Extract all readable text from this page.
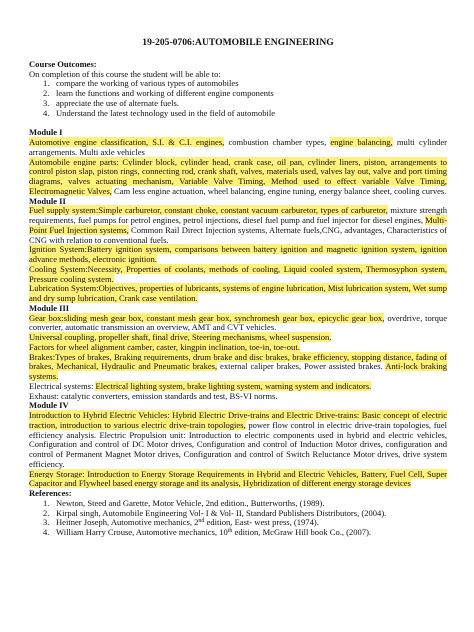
19-205-0706:AUTOMOBILE ENGINEERING
Course Outcomes:
On completion of this course the student will be able to:
1. compare the working of various types of automobiles
2. learn the functions and working of different engine components
3. appreciate the use of alternate fuels.
4. Understand the latest technology used in the field of automobile
Module I
Automotive engine classification, S.I. & C.I. engines, combustion chamber types, engine balancing, multi cylinder arrangements. Multi axle vehicles
Automobile engine parts: Cylinder block, cylinder head, crank case, oil pan, cylinder liners, piston, arrangements to control piston slap, piston rings, connecting rod, crank shaft, valves, materials used, valves lay out, valve and port timing diagrams, valves actuating mechanism, Variable Valve Timing, Method used to effect variable Valve Timing, Electromagnetic Valves, Cam less engine actuation, wheel balancing, engine tuning, energy balance sheet, cooling curves.
Module II
Fuel supply system:Simple carburetor, constant choke, constant vacuum carburetor, types of carburetor, mixture strength requirements, fuel pumps for petrol engines, petrol injections, diesel fuel pump and fuel injector for diesel engines, Multi-Point Fuel Injection systems, Common Rail Direct Injection systems, Alternate fuels,CNG, advantages, Characteristics of CNG with relation to conventional fuels.
Ignition System:Battery ignition system, comparisons between battery ignition and magnetic ignition system, ignition advance methods, electronic ignition.
Cooling System:Necessity, Properties of coolants, methods of cooling, Liquid cooled system, Thermosyphon system, Pressure cooling system.
Lubrication System:Objectives, properties of lubricants, systems of engine lubrication, Mist lubrication system, Wet sump and dry sump lubrication, Crank case ventilation.
Module III
Gear box:sliding mesh gear box, constant mesh gear box, synchromesh gear box, epicyclic gear box, overdrive, torque converter, automatic transmission an overview, AMT and CVT vehicles.
Universal coupling, propeller shaft, final drive, Steering mechanisms, wheel suspension.
Factors for wheel alignment camber, caster, kingpin inclination, toe-in, toe-out.
Brakes:Types of brakes, Braking requirements, drum brake and disc brakes, brake efficiency, stopping distance, fading of brakes, Mechanical, Hydraulic and Pneumatic brakes, external caliper brakes, Power assisted brakes. Anti-lock braking systems.
Electrical systems: Electrical lighting system, brake lighting system, warning system and indicators.
Exhaust: catalytic converters, emission standards and test, BS-VI norms.
Module IV
Introduction to Hybrid Electric Vehicles: Hybrid Electric Drive-trains and Electric Drive-trains: Basic concept of electric traction, introduction to various electric drive-train topologies, power flow control in electric drive-train topologies, fuel efficiency analysis. Electric Propulsion unit: Introduction to electric components used in hybrid and electric vehicles, Configuration and control of DC Motor drives, Configuration and control of Induction Motor drives, configuration and control of Permanent Magnet Motor drives, Configuration and control of Switch Reluctance Motor drives, drive system efficiency.
Energy Storage: Introduction to Energy Storage Requirements in Hybrid and Electric Vehicles, Battery, Fuel Cell, Super Capacitor and Flywheel based energy storage and its analysis, Hybridization of different energy storage devices
References:
1. Newton, Steed and Garette, Motor Vehicle, 2nd edition., Butterworths, (1989).
2. Kirpal singh, Automobile Engineering Vol- I & Vol- II, Standard Publishers Distributors, (2004).
3. Heitner Joseph, Automotive mechanics, 2nd edition, East- west press, (1974).
4. William Harry Crouse, Automotive mechanics, 10th edition, McGraw Hill book Co., (2007).
